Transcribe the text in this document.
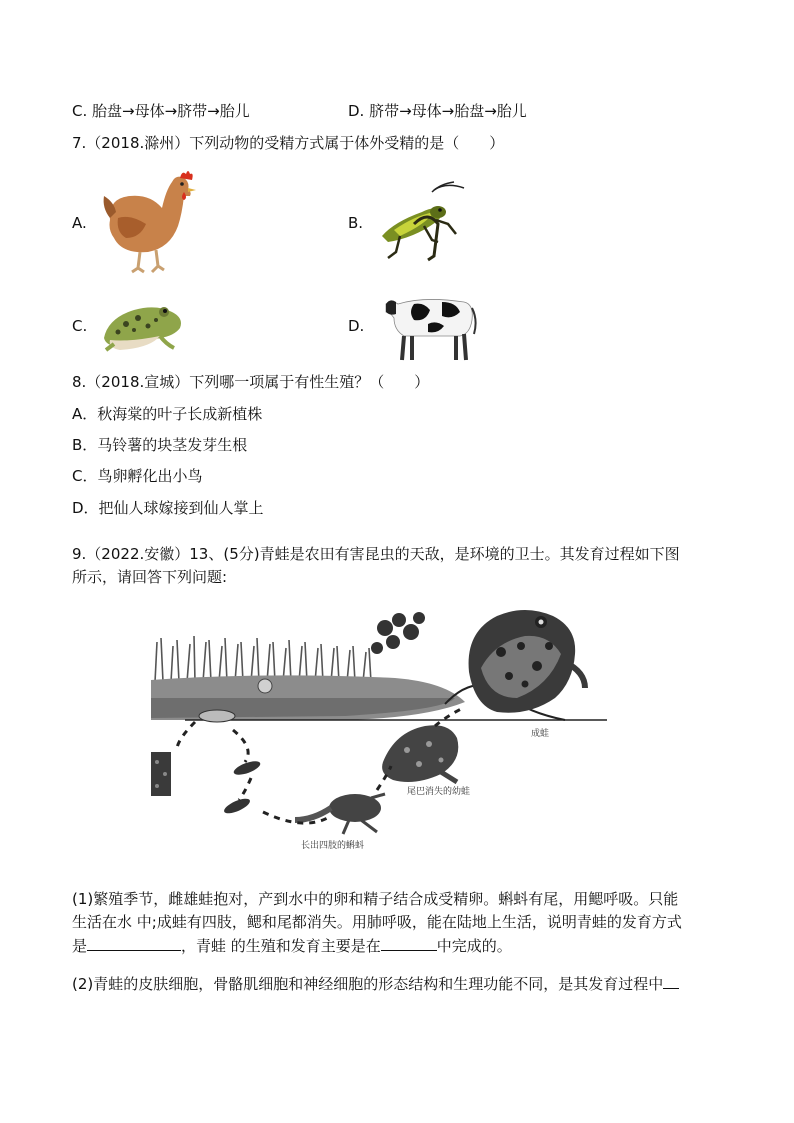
C. 胎盘→母体→脐带→胎儿	D. 脐带→母体→胎盘→胎儿
7.（2018.滁州）下列动物的受精方式属于体外受精的是（　　）
A.	B.
C.	D.
8.（2018.宣城）下列哪一项属于有性生殖？（　　）
A．秋海棠的叶子长成新植株
B．马铃薯的块茎发芽生根
C．鸟卵孵化出小鸟
D．把仙人球嫁接到仙人掌上
9.（2022.安徽）13、(5分)青蛙是农田有害昆虫的天敌，是环境的卫士。其发育过程如下图
所示，请回答下列问题:
成蛙
尾巴消失的幼蛙
长出四肢的蝌蚪
(1)繁殖季节，雌雄蛙抱对，产到水中的卵和精子结合成受精卵。蝌蚪有尾，用鳃呼吸。只能
生活在水 中;成蛙有四肢，鳃和尾都消失。用肺呼吸，能在陆地上生活，说明青蛙的发育方式
是	，青蛙 的生殖和发育主要是在	中完成的。
(2)青蛙的皮肤细胞，骨骼肌细胞和神经细胞的形态结构和生理功能不同，是其发育过程中
